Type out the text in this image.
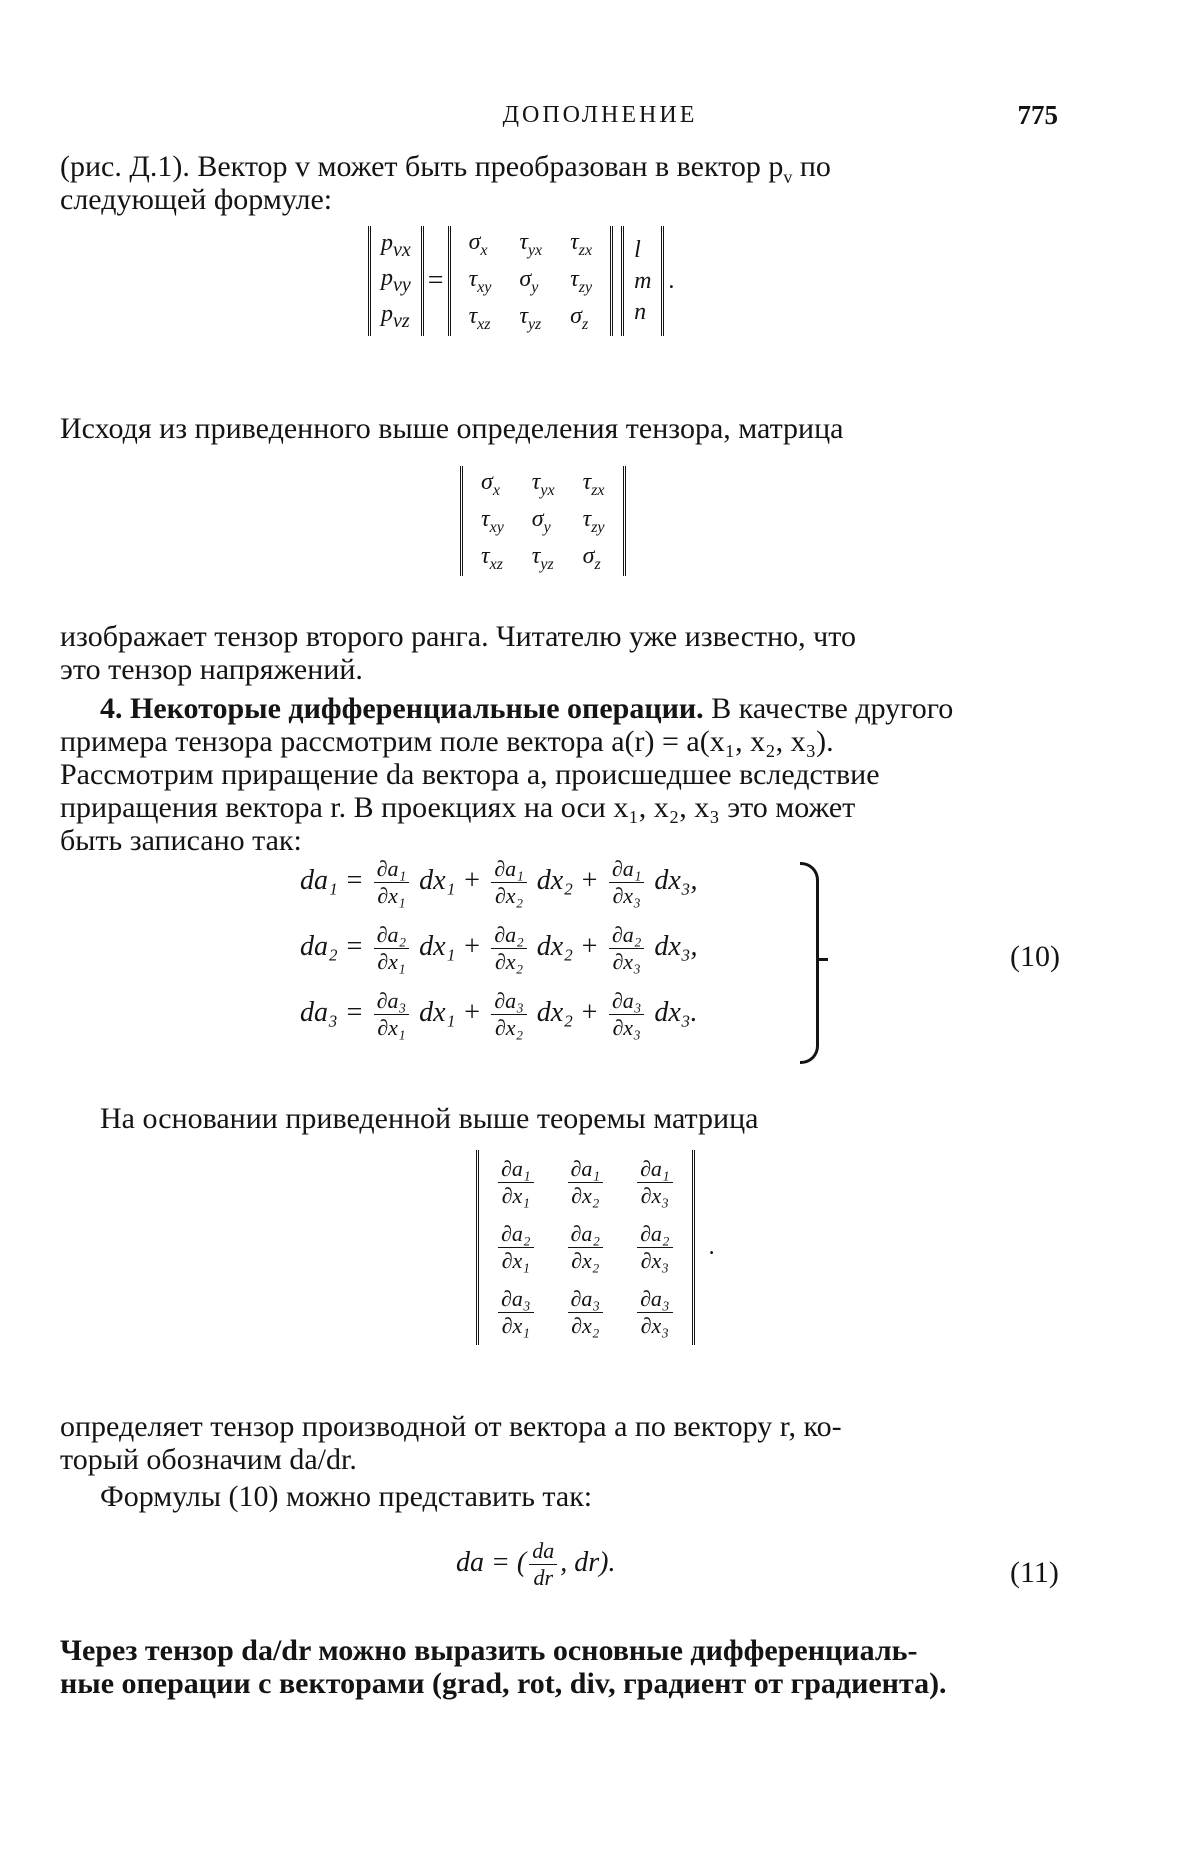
ДОПОЛНЕНИЕ	775
(рис. Д.1). Вектор v может быть преобразован в вектор $p_v$ по
следующей формуле:
$p_{vx}$
$p_{vy}$
$p_{vz}$
	=	
$\sigma_x$	$\tau_{yx}$	$\tau_{zx}$
$\tau_{xy}$	$\sigma_y$	$\tau_{zy}$
$\tau_{xz}$	$\tau_{yz}$	$\sigma_z$

l
m
n
	.
Исходя из приведенного выше определения тензора, матрица
$\sigma_x$	$\tau_{yx}$	$\tau_{zx}$
$\tau_{xy}$	$\sigma_y$	$\tau_{zy}$
$\tau_{xz}$	$\tau_{yz}$	$\sigma_z$
изображает тензор второго ранга. Читателю уже известно, что
это тензор напряжений.
4. Некоторые дифференциальные операции. В качестве другого
примера тензора рассмотрим поле вектора a(r) = a(x₁, x₂, x₃).
Рассмотрим приращение da вектора a, происшедшее вследствие
приращения вектора r. В проекциях на оси x₁, x₂, x₃ это может
быть записано так:
$da_1 = \frac{\text{∂a₁}}{\text{∂x₁}} dx_1 + \frac{\text{∂a₁}}{\text{∂x₂}} dx_2 + \frac{\text{∂a₁}}{\text{∂x₃}} dx_3$,
$da_2 = \frac{\text{∂a₂}}{\text{∂x₁}} dx_1 + \frac{\text{∂a₂}}{\text{∂x₂}} dx_2 + \frac{\text{∂a₂}}{\text{∂x₃}} dx_3$,
$da_3 = \frac{\text{∂a₃}}{\text{∂x₁}} dx_1 + \frac{\text{∂a₃}}{\text{∂x₂}} dx_2 + \frac{\text{∂a₃}}{\text{∂x₃}} dx_3$.
(10)
На основании приведенной выше теоремы матрица
$\frac{\text{∂a₁}}{\text{∂x₁}}$	$\frac{\text{∂a₁}}{\text{∂x₂}}$	$\frac{\text{∂a₁}}{\text{∂x₃}}$

$\frac{\text{∂a₂}}{\text{∂x₁}}$	$\frac{\text{∂a₂}}{\text{∂x₂}}$	$\frac{\text{∂a₂}}{\text{∂x₃}}$

$\frac{\text{∂a₃}}{\text{∂x₁}}$	$\frac{\text{∂a₃}}{\text{∂x₂}}$	$\frac{\text{∂a₃}}{\text{∂x₃}}$
	.
определяет тензор производной от вектора a по вектору r, ко-
торый обозначим da/dr.
Формулы (10) можно представить так:
da = ( $\frac{da}{dr}$ , dr).	(11)
Через тензор da/dr можно выразить основные дифференциаль-
ные операции с векторами (grad, rot, div, градиент от градиента).
